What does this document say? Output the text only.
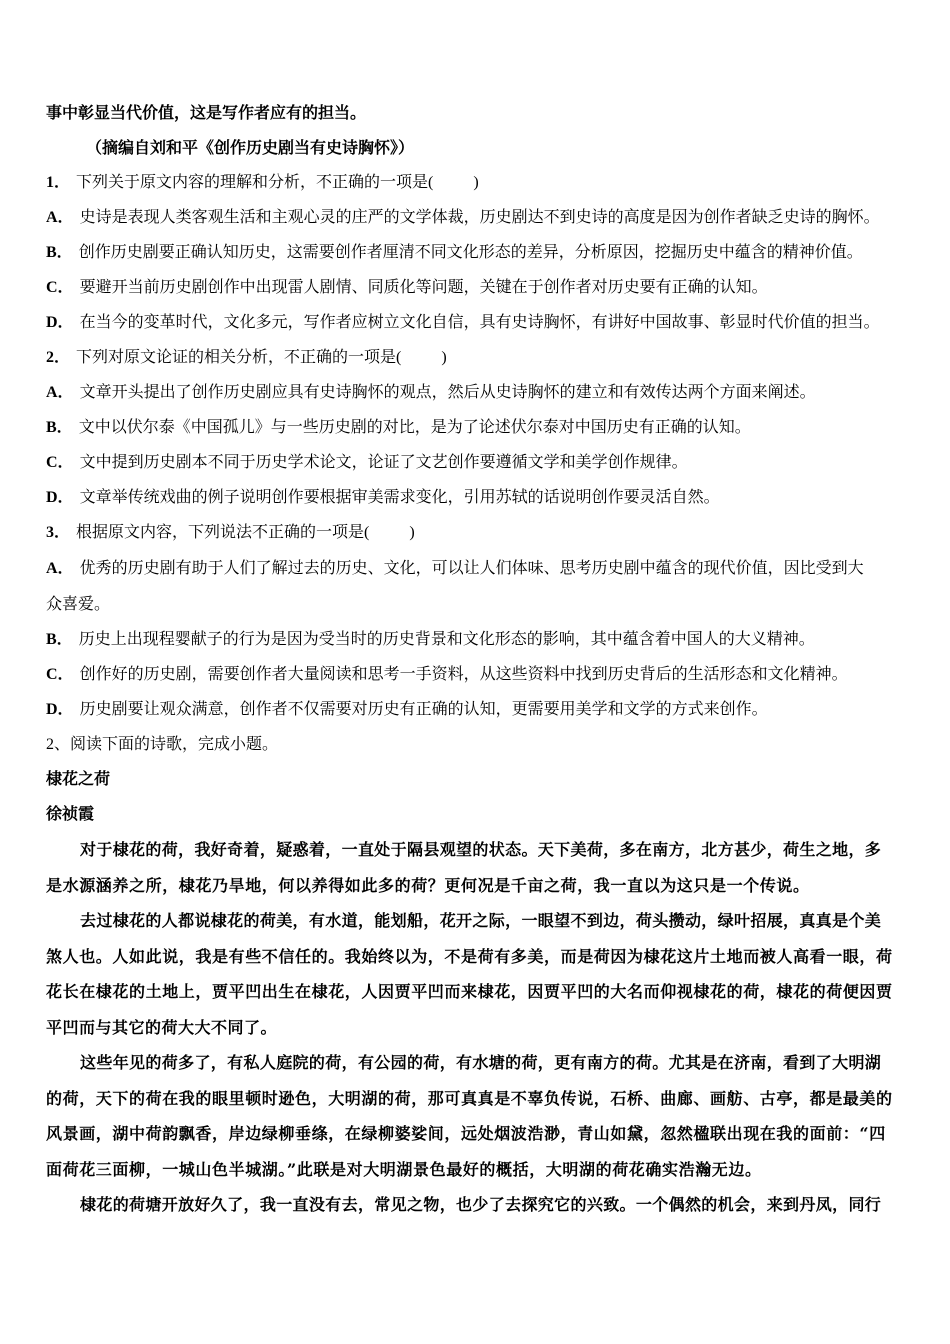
事中彰显当代价值，这是写作者应有的担当。

（摘编自刘和平《创作历史剧当有史诗胸怀》）

1． 下列关于原文内容的理解和分析，不正确的一项是(	)

A． 史诗是表现人类客观生活和主观心灵的庄严的文学体裁，历史剧达不到史诗的高度是因为创作者缺乏史诗的胸怀。

B． 创作历史剧要正确认知历史，这需要创作者厘清不同文化形态的差异，分析原因，挖掘历史中蕴含的精神价值。

C． 要避开当前历史剧创作中出现雷人剧情、同质化等问题，关键在于创作者对历史要有正确的认知。

D． 在当今的变革时代，文化多元，写作者应树立文化自信，具有史诗胸怀，有讲好中国故事、彰显时代价值的担当。

2． 下列对原文论证的相关分析，不正确的一项是(	)

A． 文章开头提出了创作历史剧应具有史诗胸怀的观点，然后从史诗胸怀的建立和有效传达两个方面来阐述。

B． 文中以伏尔泰《中国孤儿》与一些历史剧的对比，是为了论述伏尔泰对中国历史有正确的认知。

C． 文中提到历史剧本不同于历史学术论文，论证了文艺创作要遵循文学和美学创作规律。

D． 文章举传统戏曲的例子说明创作要根据审美需求变化，引用苏轼的话说明创作要灵活自然。

3． 根据原文内容，下列说法不正确的一项是(	)

A． 优秀的历史剧有助于人们了解过去的历史、文化，可以让人们体味、思考历史剧中蕴含的现代价值，因比受到大

众喜爱。

B． 历史上出现程婴献子的行为是因为受当时的历史背景和文化形态的影响，其中蕴含着中国人的大义精神。

C． 创作好的历史剧，需要创作者大量阅读和思考一手资料，从这些资料中找到历史背后的生活形态和文化精神。

D． 历史剧要让观众满意，创作者不仅需要对历史有正确的认知，更需要用美学和文学的方式来创作。

2、阅读下面的诗歌，完成小题。

棣花之荷

徐祯霞

对于棣花的荷，我好奇着，疑惑着，一直处于隔县观望的状态。天下美荷，多在南方，北方甚少，荷生之地，多

是水源涵养之所，棣花乃旱地，何以养得如此多的荷？更何况是千亩之荷，我一直以为这只是一个传说。

去过棣花的人都说棣花的荷美，有水道，能划船，花开之际，一眼望不到边，荷头攒动，绿叶招展，真真是个美

煞人也。人如此说，我是有些不信任的。我始终以为，不是荷有多美，而是荷因为棣花这片土地而被人高看一眼，荷

花长在棣花的土地上，贾平凹出生在棣花，人因贾平凹而来棣花，因贾平凹的大名而仰视棣花的荷，棣花的荷便因贾

平凹而与其它的荷大大不同了。

这些年见的荷多了，有私人庭院的荷，有公园的荷，有水塘的荷，更有南方的荷。尤其是在济南，看到了大明湖

的荷，天下的荷在我的眼里顿时逊色，大明湖的荷，那可真真是不辜负传说，石桥、曲廊、画舫、古亭，都是最美的

风景画，湖中荷韵飘香，岸边绿柳垂绦，在绿柳婆娑间，远处烟波浩渺，青山如黛，忽然楹联出现在我的面前：“四

面荷花三面柳，一城山色半城湖。”此联是对大明湖景色最好的概括，大明湖的荷花确实浩瀚无边。

棣花的荷塘开放好久了，我一直没有去，常见之物，也少了去探究它的兴致。一个偶然的机会，来到丹凤，同行
